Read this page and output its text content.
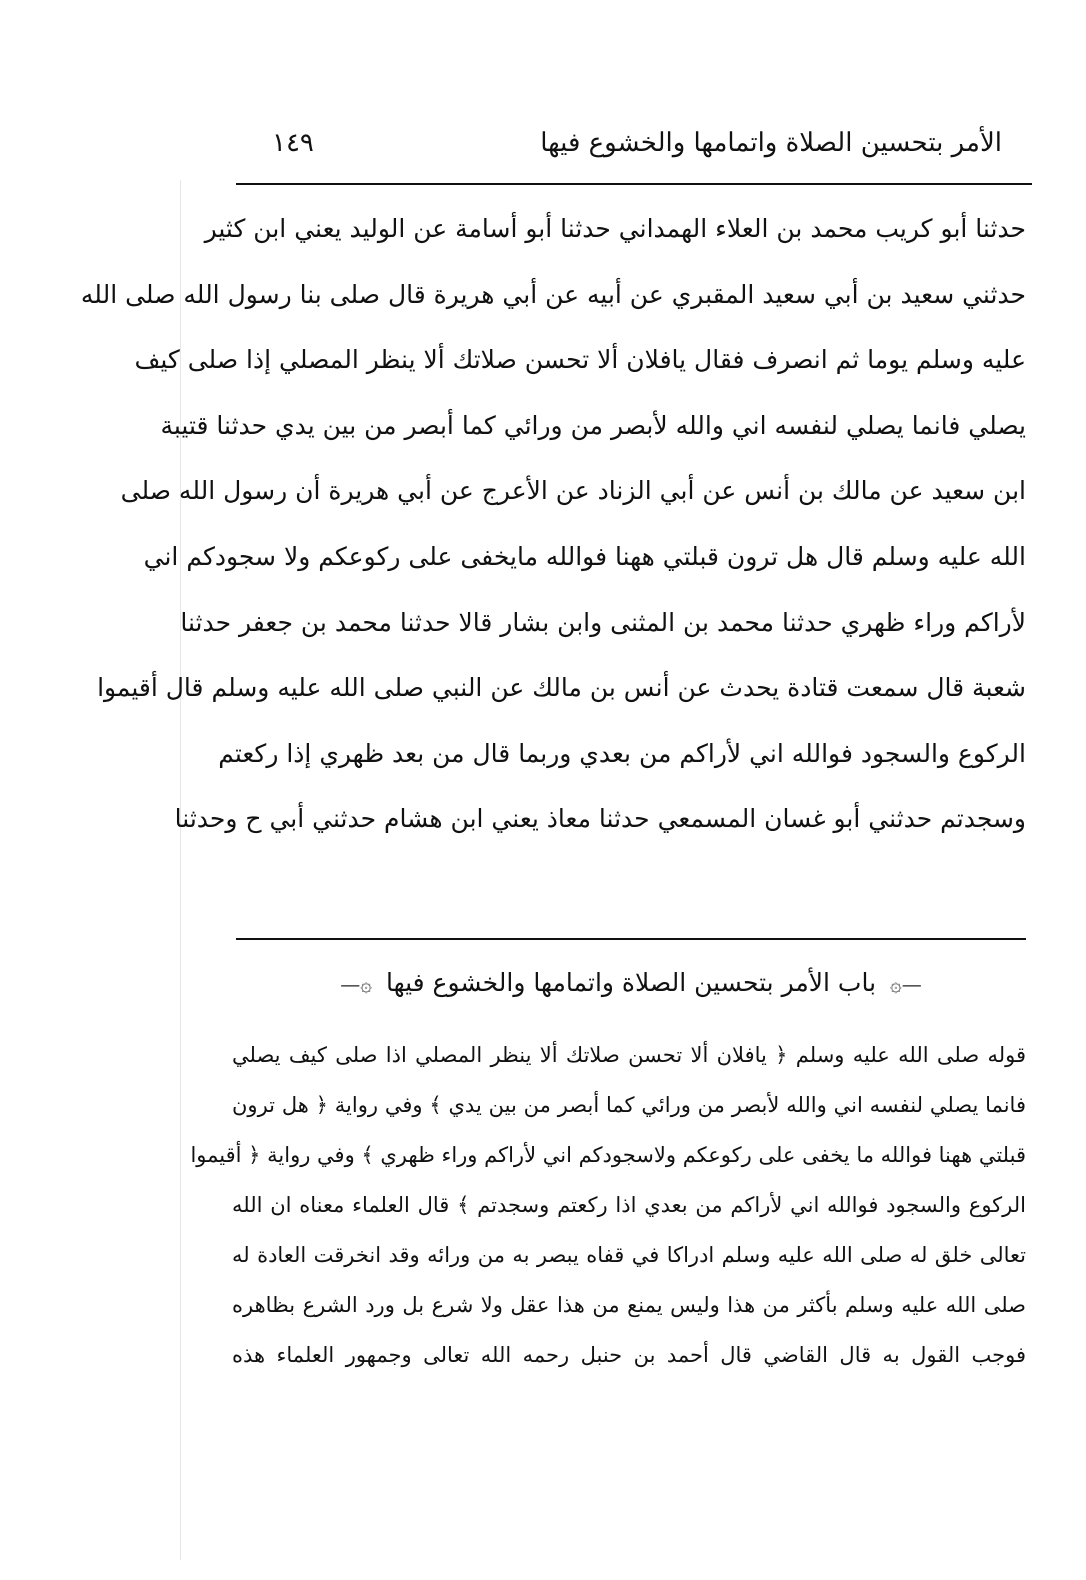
الأمر بتحسين الصلاة واتمامها والخشوع فيها
١٤٩
حدثنا أبو كريب محمد بن العلاء الهمداني حدثنا أبو أسامة عن الوليد يعني ابن كثير
حدثني سعيد بن أبي سعيد المقبري عن أبيه عن أبي هريرة قال صلى بنا رسول الله صلى الله
عليه وسلم يوما ثم انصرف فقال يافلان ألا تحسن صلاتك ألا ينظر المصلي إذا صلى كيف
يصلي فانما يصلي لنفسه اني والله لأبصر من ورائي كما أبصر من بين يدي حدثنا قتيبة
ابن سعيد عن مالك بن أنس عن أبي الزناد عن الأعرج عن أبي هريرة أن رسول الله صلى
الله عليه وسلم قال هل ترون قبلتي ههنا فوالله مايخفى على ركوعكم ولا سجودكم اني
لأراكم وراء ظهري حدثنا محمد بن المثنى وابن بشار قالا حدثنا محمد بن جعفر حدثنا
شعبة قال سمعت قتادة يحدث عن أنس بن مالك عن النبي صلى الله عليه وسلم قال أقيموا
الركوع والسجود فوالله اني لأراكم من بعدي وربما قال من بعد ظهري إذا ركعتم
وسجدتم حدثني أبو غسان المسمعي حدثنا معاذ يعني ابن هشام حدثني أبي ح وحدثنا
—۞ باب الأمر بتحسين الصلاة واتمامها والخشوع فيها ۞—
قوله صلى الله عليه وسلم ﴿ يافلان ألا تحسن صلاتك ألا ينظر المصلي اذا صلى كيف يصلي
فانما يصلي لنفسه اني والله لأبصر من ورائي كما أبصر من بين يدي ﴾ وفي رواية ﴿ هل ترون
قبلتي ههنا فوالله ما يخفى على ركوعكم ولاسجودكم اني لأراكم وراء ظهري ﴾ وفي رواية ﴿ أقيموا
الركوع والسجود فوالله اني لأراكم من بعدي اذا ركعتم وسجدتم ﴾ قال العلماء معناه ان الله
تعالى خلق له صلى الله عليه وسلم ادراكا في قفاه يبصر به من ورائه وقد انخرقت العادة له
صلى الله عليه وسلم بأكثر من هذا وليس يمنع من هذا عقل ولا شرع بل ورد الشرع بظاهره
فوجب القول به قال القاضي قال أحمد بن حنبل رحمه الله تعالى وجمهور العلماء هذه
